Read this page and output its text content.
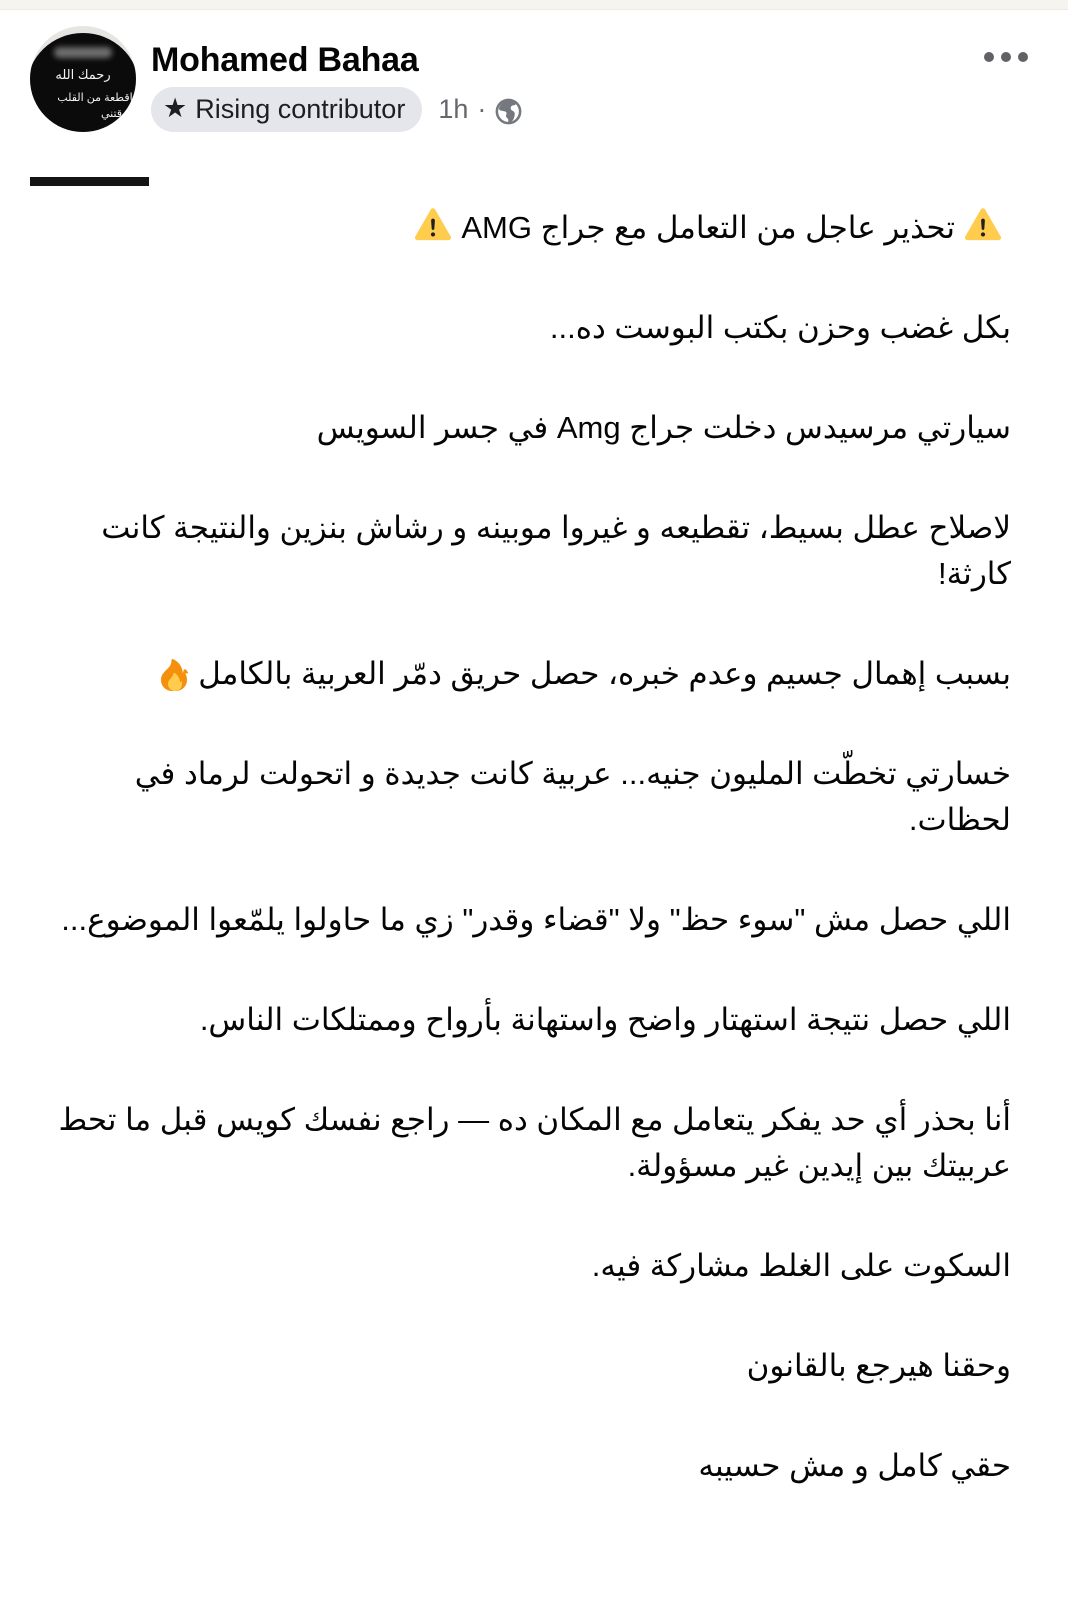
رحمك الله
ياقطعة من القلب فارقتني
Mohamed Bahaa
★ Rising contributor 1h ·

تحذير عاجل من التعامل مع جراج AMG

بكل غضب وحزن بكتب البوست ده...

سيارتي مرسيدس دخلت جراج Amg في جسر السويس

لاصلاح عطل بسيط، تقطيعه و غيروا موبينه و رشاش بنزين والنتيجة كانت كارثة!

بسبب إهمال جسيم وعدم خبره، حصل حريق دمّر العربية بالكامل

خسارتي تخطّت المليون جنيه... عربية كانت جديدة و اتحولت لرماد في لحظات.

اللي حصل مش "سوء حظ" ولا "قضاء وقدر" زي ما حاولوا يلمّعوا الموضوع...

اللي حصل نتيجة استهتار واضح واستهانة بأرواح وممتلكات الناس.

أنا بحذر أي حد يفكر يتعامل مع المكان ده — راجع نفسك كويس قبل ما تحط عربيتك بين إيدين غير مسؤولة.

السكوت على الغلط مشاركة فيه.

وحقنا هيرجع بالقانون

حقي كامل و مش حسيبه
